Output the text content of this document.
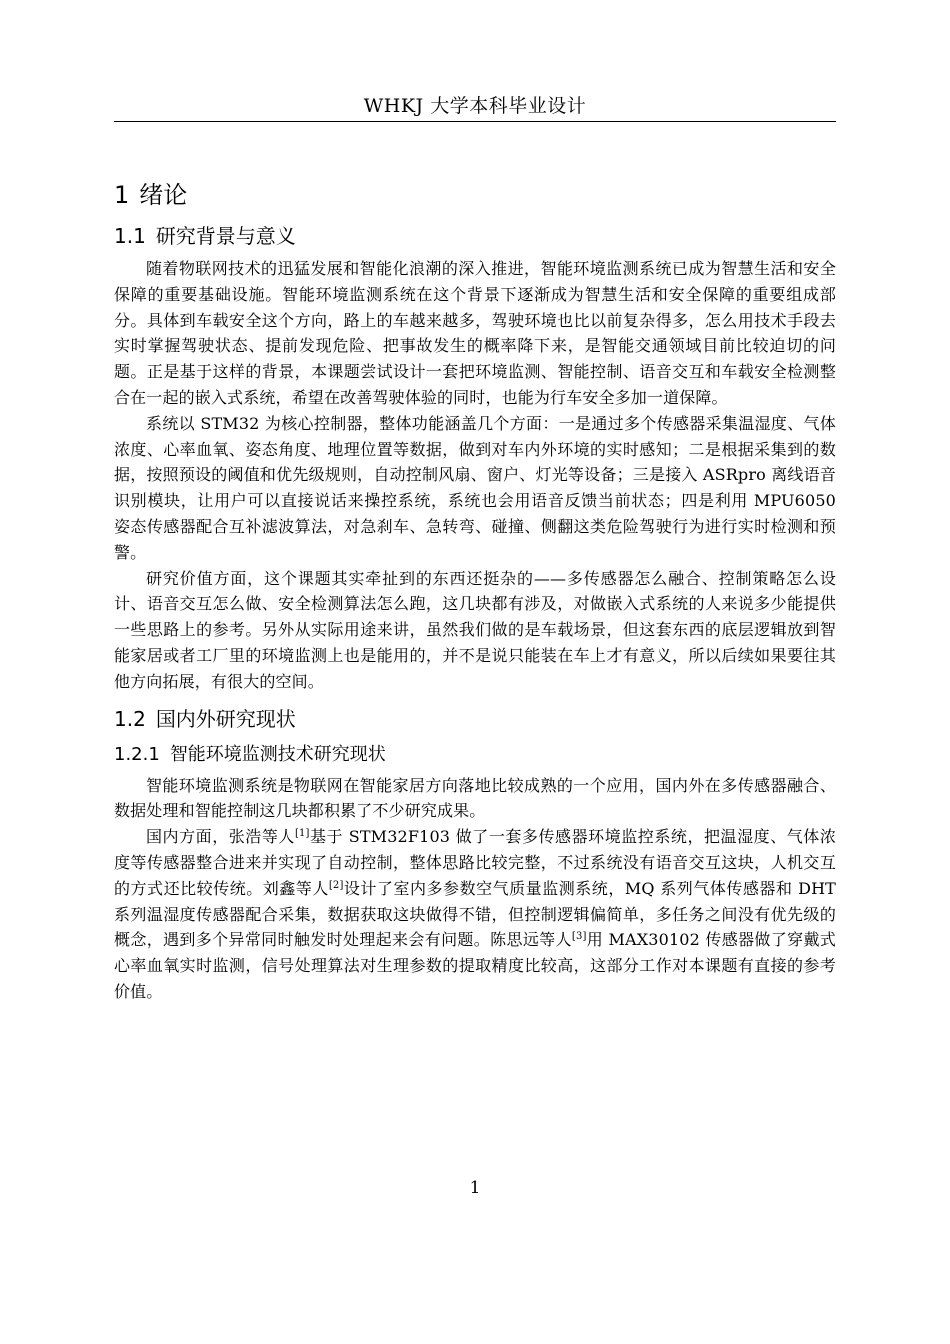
WHKJ 大学本科毕业设计
1 绪论
1.1 研究背景与意义

随着物联网技术的迅猛发展和智能化浪潮的深入推进，智能环境监测系统已成为智慧生活和安全保障的重要基础设施。智能环境监测系统在这个背景下逐渐成为智慧生活和安全保障的重要组成部分。具体到车载安全这个方向，路上的车越来越多，驾驶环境也比以前复杂得多，怎么用技术手段去实时掌握驾驶状态、提前发现危险、把事故发生的概率降下来，是智能交通领域目前比较迫切的问题。正是基于这样的背景，本课题尝试设计一套把环境监测、智能控制、语音交互和车载安全检测整合在一起的嵌入式系统，希望在改善驾驶体验的同时，也能为行车安全多加一道保障。

系统以 STM32 为核心控制器，整体功能涵盖几个方面：一是通过多个传感器采集温湿度、气体浓度、心率血氧、姿态角度、地理位置等数据，做到对车内外环境的实时感知；二是根据采集到的数据，按照预设的阈值和优先级规则，自动控制风扇、窗户、灯光等设备；三是接入 ASRpro 离线语音识别模块，让用户可以直接说话来操控系统，系统也会用语音反馈当前状态；四是利用 MPU6050 姿态传感器配合互补滤波算法，对急刹车、急转弯、碰撞、侧翻这类危险驾驶行为进行实时检测和预警。

研究价值方面，这个课题其实牵扯到的东西还挺杂的——多传感器怎么融合、控制策略怎么设计、语音交互怎么做、安全检测算法怎么跑，这几块都有涉及，对做嵌入式系统的人来说多少能提供一些思路上的参考。另外从实际用途来讲，虽然我们做的是车载场景，但这套东西的底层逻辑放到智能家居或者工厂里的环境监测上也是能用的，并不是说只能装在车上才有意义，所以后续如果要往其他方向拓展，有很大的空间。

1.2 国内外研究现状
1.2.1 智能环境监测技术研究现状

智能环境监测系统是物联网在智能家居方向落地比较成熟的一个应用，国内外在多传感器融合、数据处理和智能控制这几块都积累了不少研究成果。

国内方面，张浩等人[1]基于 STM32F103 做了一套多传感器环境监控系统，把温湿度、气体浓度等传感器整合进来并实现了自动控制，整体思路比较完整，不过系统没有语音交互这块，人机交互的方式还比较传统。刘鑫等人[2]设计了室内多参数空气质量监测系统，MQ 系列气体传感器和 DHT 系列温湿度传感器配合采集，数据获取这块做得不错，但控制逻辑偏简单，多任务之间没有优先级的概念，遇到多个异常同时触发时处理起来会有问题。陈思远等人[3]用 MAX30102 传感器做了穿戴式心率血氧实时监测，信号处理算法对生理参数的提取精度比较高，这部分工作对本课题有直接的参考价值。

1
